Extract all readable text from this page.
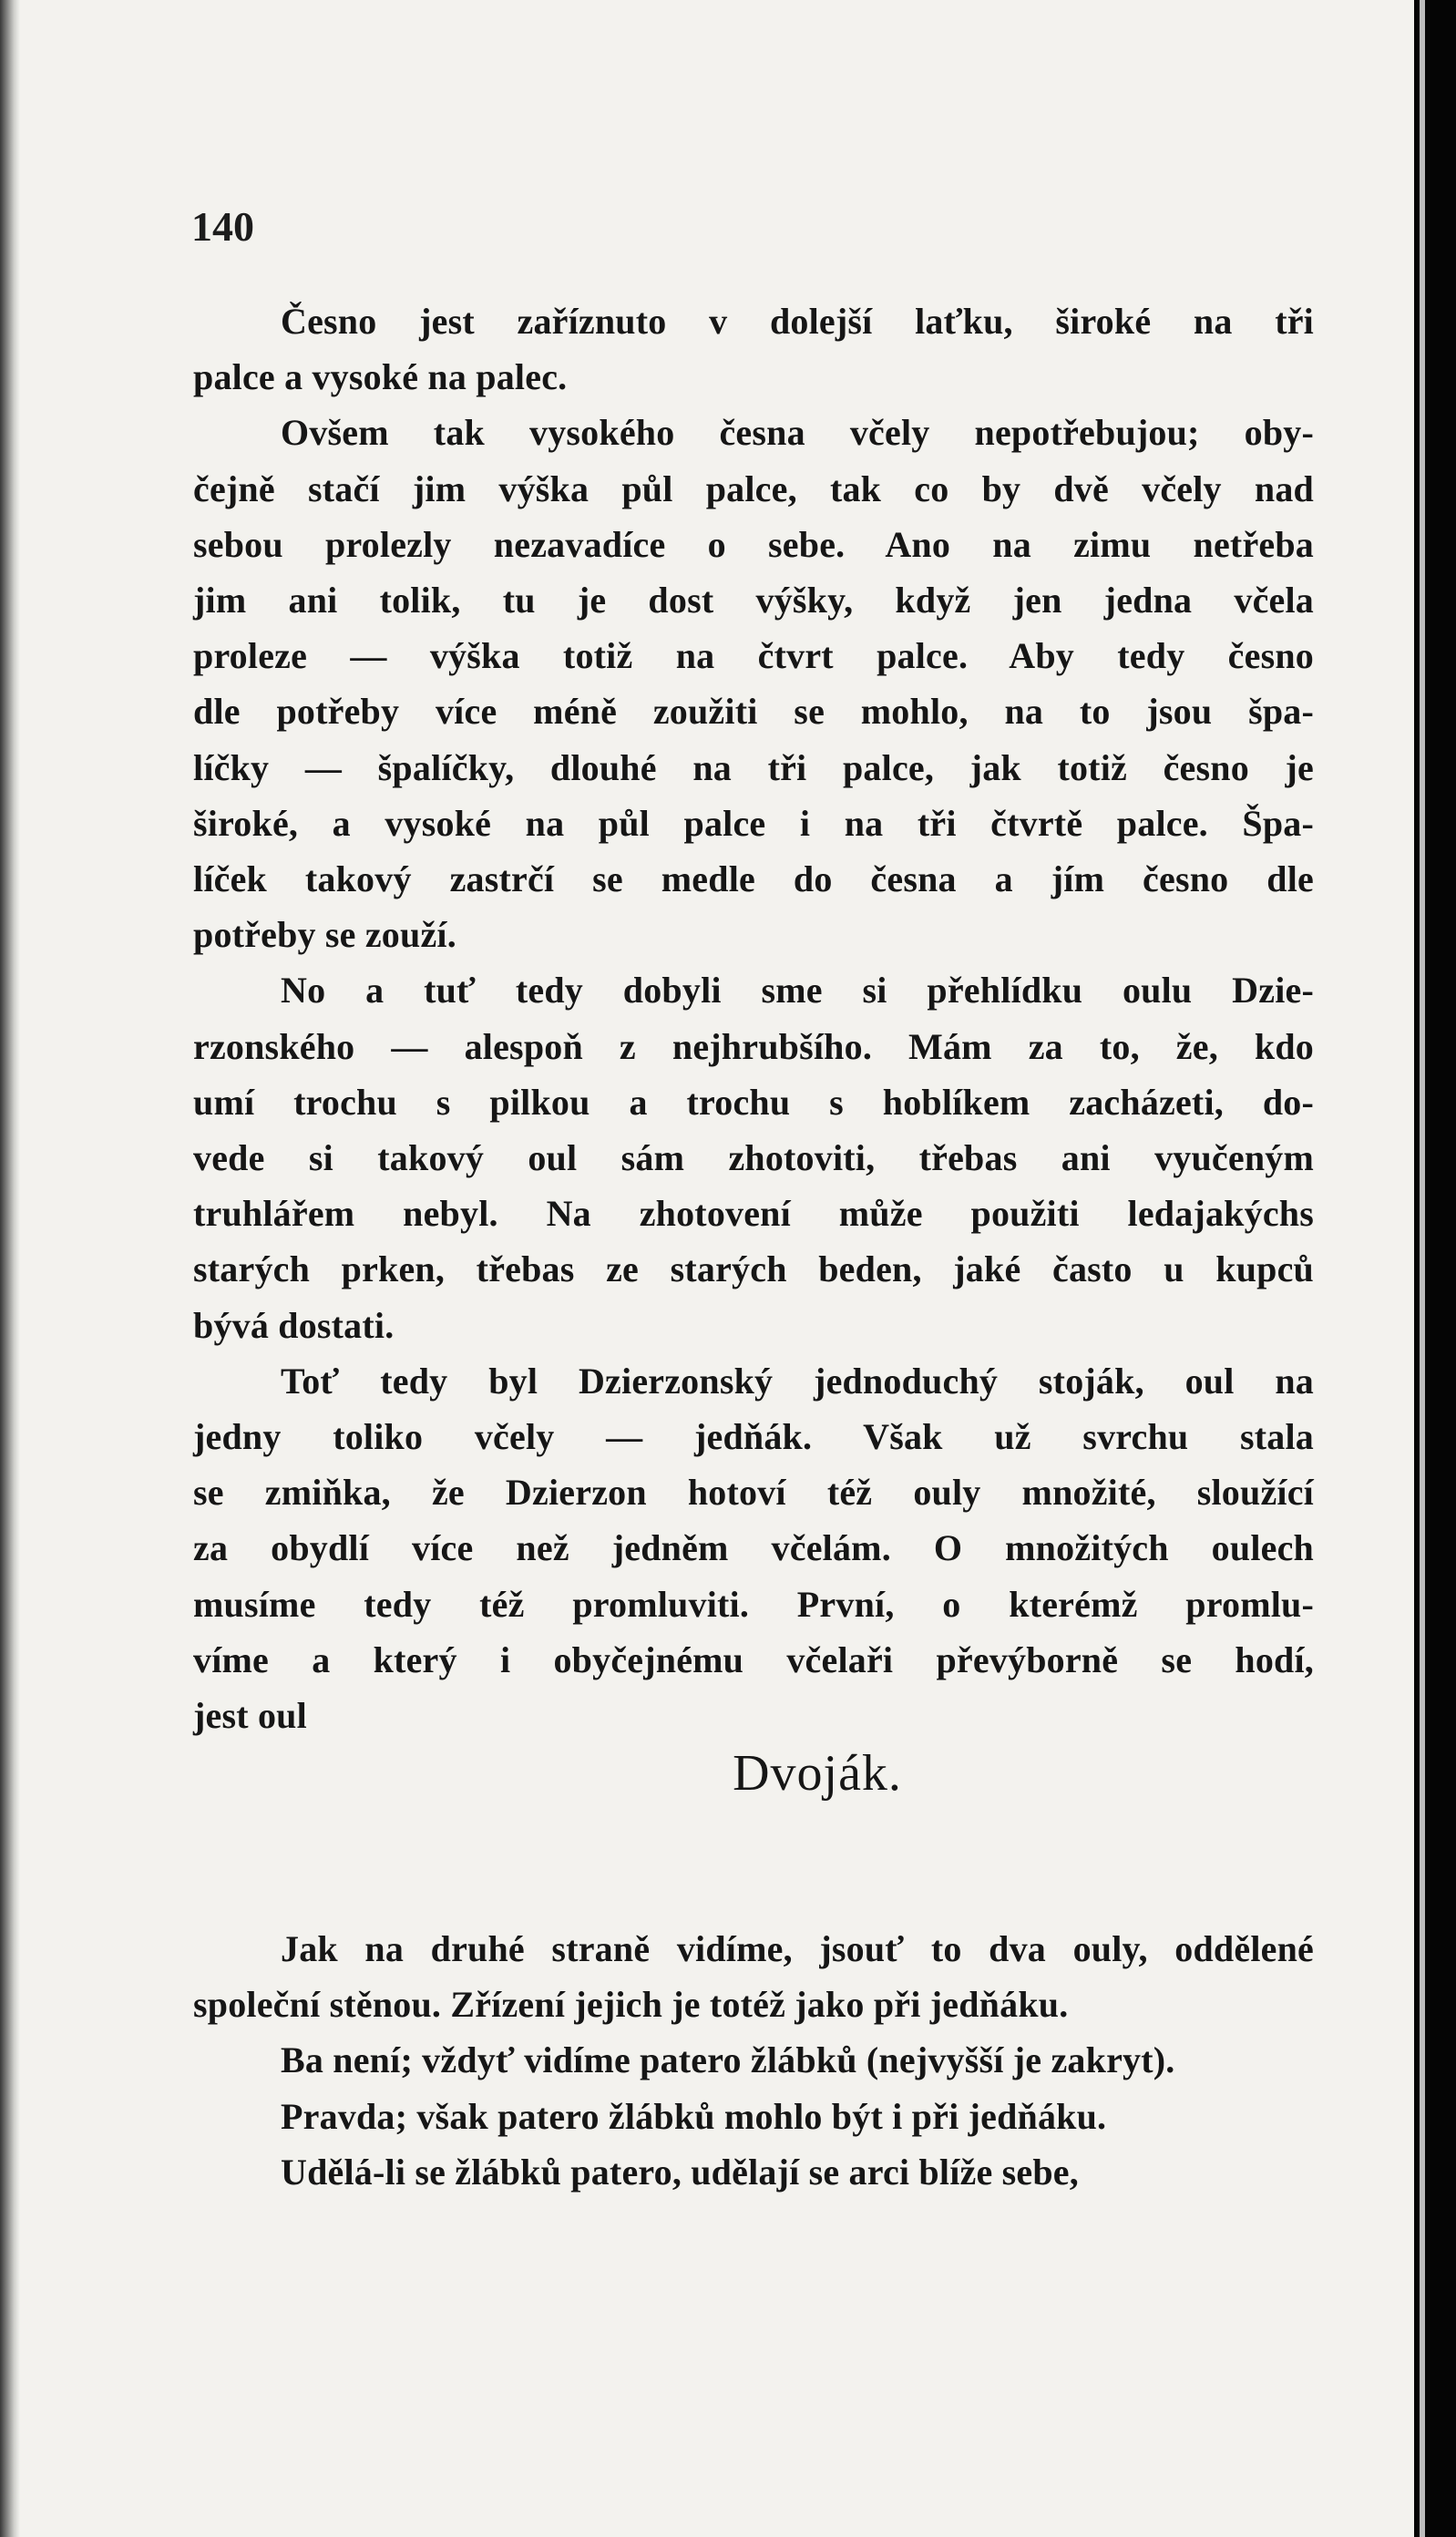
140

Česno jest zaříznuto v dolejší laťku, široké na tři

palce a vysoké na palec.

Ovšem tak vysokého česna včely nepotřebujou; oby-

čejně stačí jim výška půl palce, tak co by dvě včely nad

sebou prolezly nezavadíce o sebe. Ano na zimu netřeba

jim ani tolik, tu je dost výšky, když jen jedna včela

proleze — výška totiž na čtvrt palce. Aby tedy česno

dle potřeby více méně zoužiti se mohlo, na to jsou špa-

líčky — špalíčky, dlouhé na tři palce, jak totiž česno je

široké, a vysoké na půl palce i na tři čtvrtě palce. Špa-

líček takový zastrčí se medle do česna a jím česno dle

potřeby se zouží.

No a tuť tedy dobyli sme si přehlídku oulu Dzie-

rzonského — alespoň z nejhrubšího. Mám za to, že, kdo

umí trochu s pilkou a trochu s hoblíkem zacházeti, do-

vede si takový oul sám zhotoviti, třebas ani vyučeným

truhlářem nebyl. Na zhotovení může použiti ledajakýchs

starých prken, třebas ze starých beden, jaké často u kupců

bývá dostati.

Toť tedy byl Dzierzonský jednoduchý stoják, oul na

jedny toliko včely — jedňák. Však už svrchu stala

se zmiňka, že Dzierzon hotoví též ouly množité, sloužící

za obydlí více než jedněm včelám. O množitých oulech

musíme tedy též promluviti. První, o kterémž promlu-

víme a který i obyčejnému včelaři převýborně se hodí,

jest oul

Dvoják.

Jak na druhé straně vidíme, jsouť to dva ouly, oddělené

společní stěnou. Zřízení jejich je totéž jako při jedňáku.

Ba není; vždyť vidíme patero žlábků (nejvyšší je zakryt).

Pravda; však patero žlábků mohlo být i při jedňáku.

Udělá-li se žlábků patero, udělají se arci blíže sebe,
